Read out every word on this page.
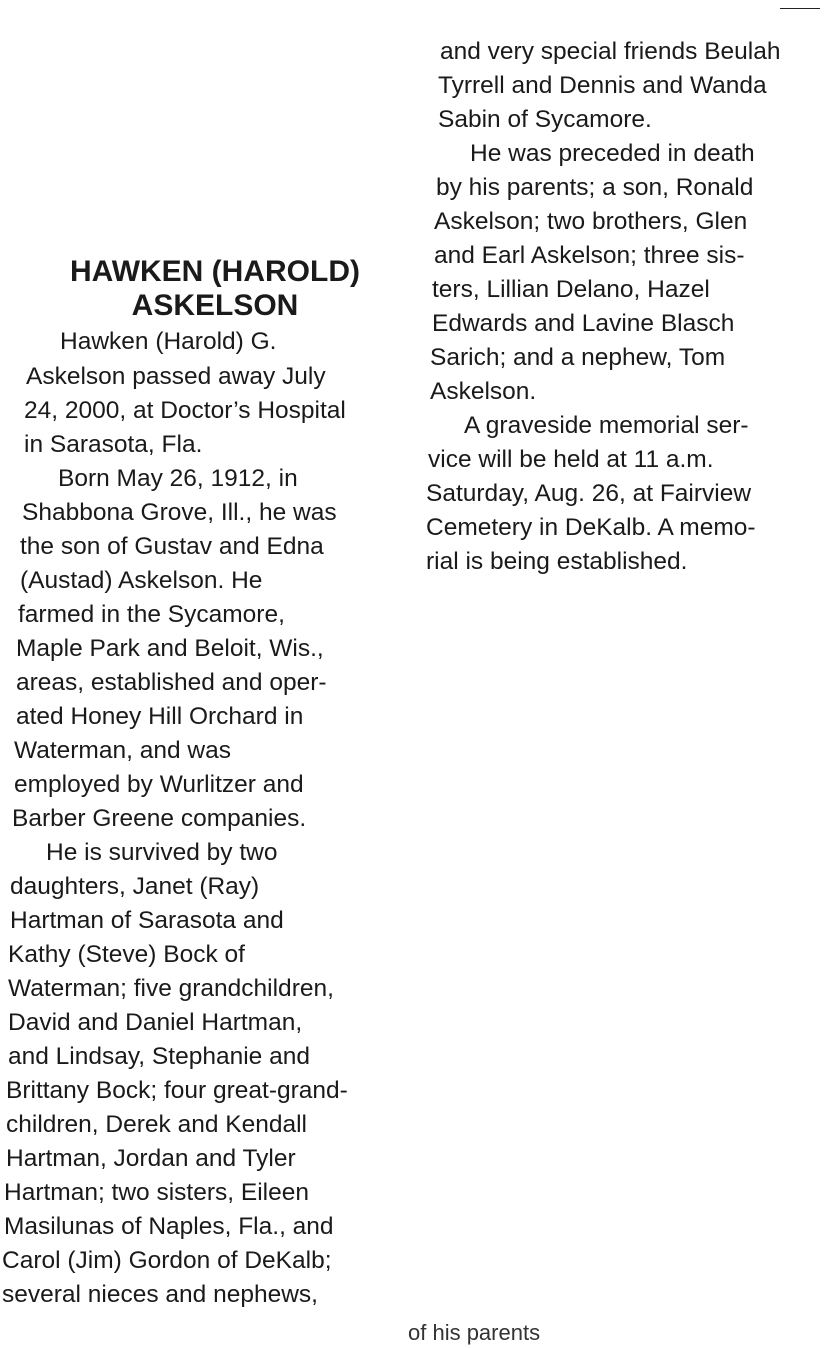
HAWKEN (HAROLD)
ASKELSON
Hawken (Harold) G.
Askelson passed away July
24, 2000, at Doctor’s Hospital
in Sarasota, Fla.
Born May 26, 1912, in
Shabbona Grove, Ill., he was
the son of Gustav and Edna
(Austad) Askelson. He
farmed in the Sycamore,
Maple Park and Beloit, Wis.,
areas, established and oper-
ated Honey Hill Orchard in
Waterman, and was
employed by Wurlitzer and
Barber Greene companies.
He is survived by two
daughters, Janet (Ray)
Hartman of Sarasota and
Kathy (Steve) Bock of
Waterman; five grandchildren,
David and Daniel Hartman,
and Lindsay, Stephanie and
Brittany Bock; four great-grand-
children, Derek and Kendall
Hartman, Jordan and Tyler
Hartman; two sisters, Eileen
Masilunas of Naples, Fla., and
Carol (Jim) Gordon of DeKalb;
several nieces and nephews,
and very special friends Beulah
Tyrrell and Dennis and Wanda
Sabin of Sycamore.
He was preceded in death
by his parents; a son, Ronald
Askelson; two brothers, Glen
and Earl Askelson; three sis-
ters, Lillian Delano, Hazel
Edwards and Lavine Blasch
Sarich; and a nephew, Tom
Askelson.
A graveside memorial ser-
vice will be held at 11 a.m.
Saturday, Aug. 26, at Fairview
Cemetery in DeKalb. A memo-
rial is being established.
of his parents
